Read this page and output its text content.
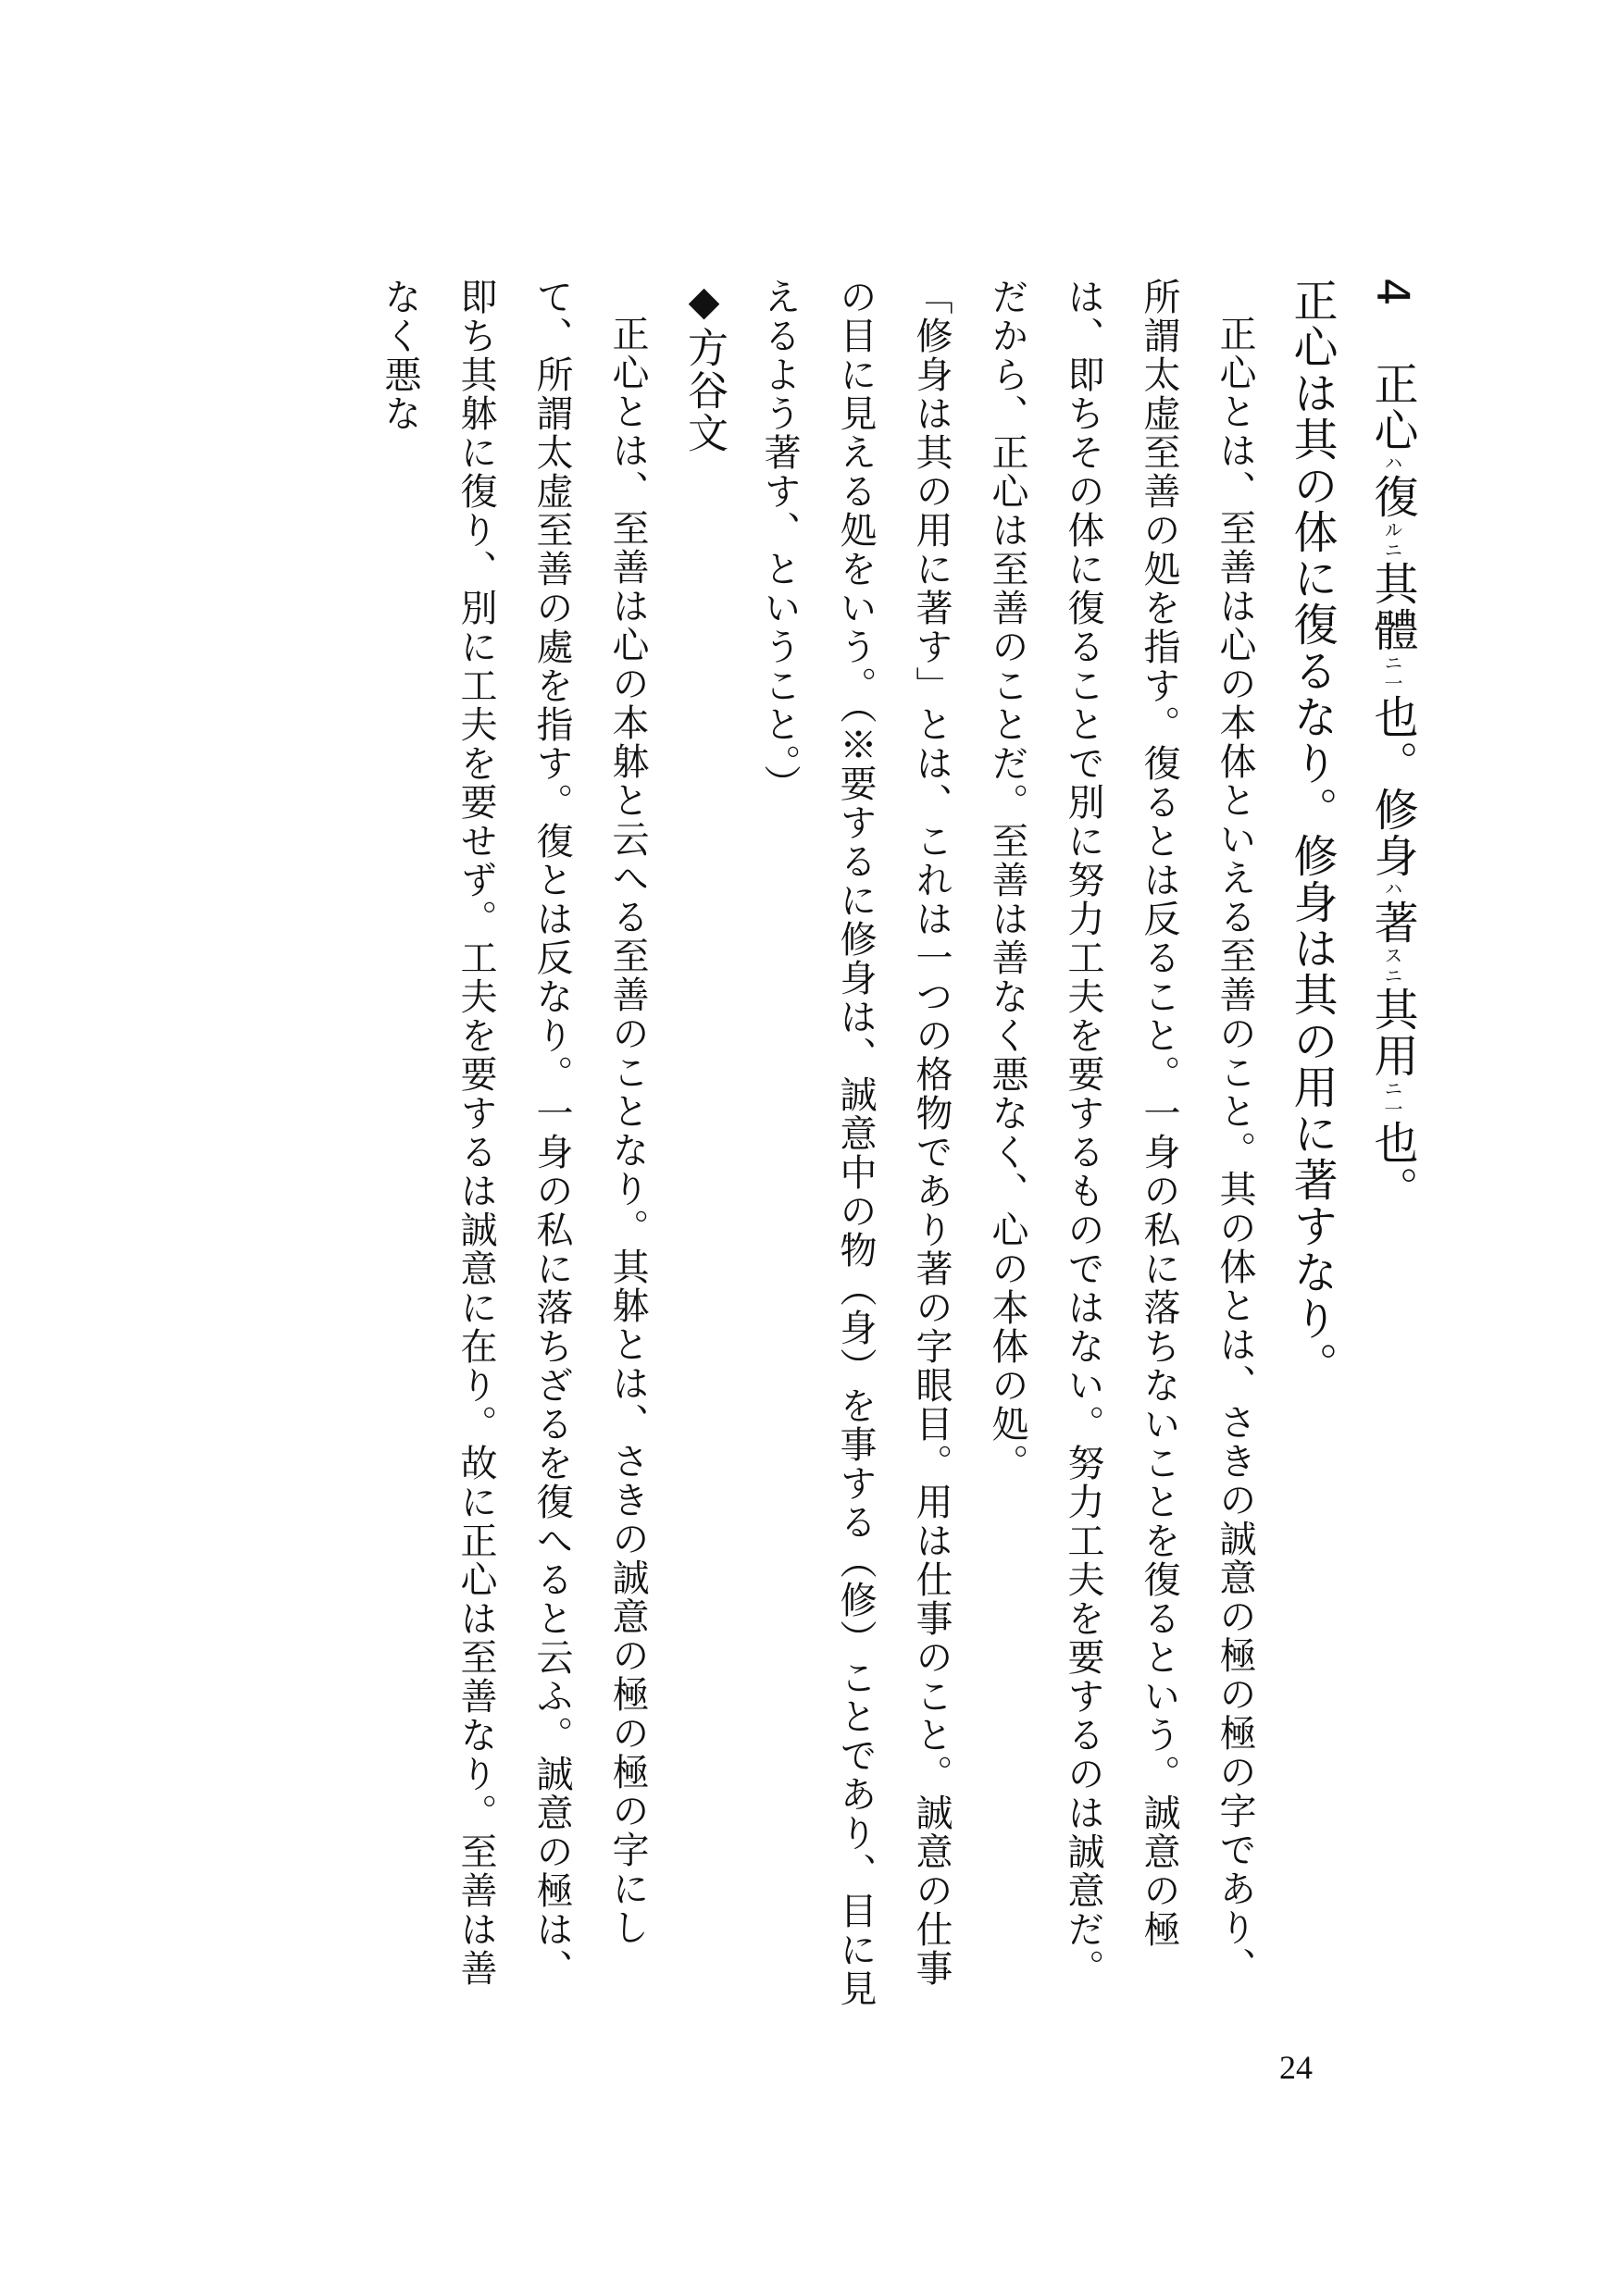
4 正心$^ハ$復$^{ルニ}$其體$^{ニ一}$也。修身$^ハ$著$^{スニ}$其用$^{ニ一}$也。

正心は其の体に復るなり。修身は其の用に著すなり。

正心とは、至善は心の本体といえる至善のこと。其の体とは、さきの誠意の極の極の字であり、所謂太虚至善の処を指す。復るとは反ること。一身の私に落ちないことを復るという。誠意の極は、即ちその体に復ることで別に努力工夫を要するものではない。努力工夫を要するのは誠意だ。だから、正心は至善のことだ。至善は善なく悪なく、心の本体の処。

「修身は其の用に著す」とは、これは一つの格物であり著の字眼目。用は仕事のこと。誠意の仕事の目に見える処をいう。（※要するに修身は、誠意中の物（身）を事する（修）ことであり、目に見えるよう著す、ということ。）

◆方谷文

正心とは、至善は心の本躰と云へる至善のことなり。其躰とは、さきの誠意の極の極の字にして、所謂太虚至善の處を指す。復とは反なり。一身の私に落ちざるを復へると云ふ。誠意の極は、即ち其躰に復り、別に工夫を要せず。工夫を要するは誠意に在り。故に正心は至善なり。至善は善なく悪な

24
